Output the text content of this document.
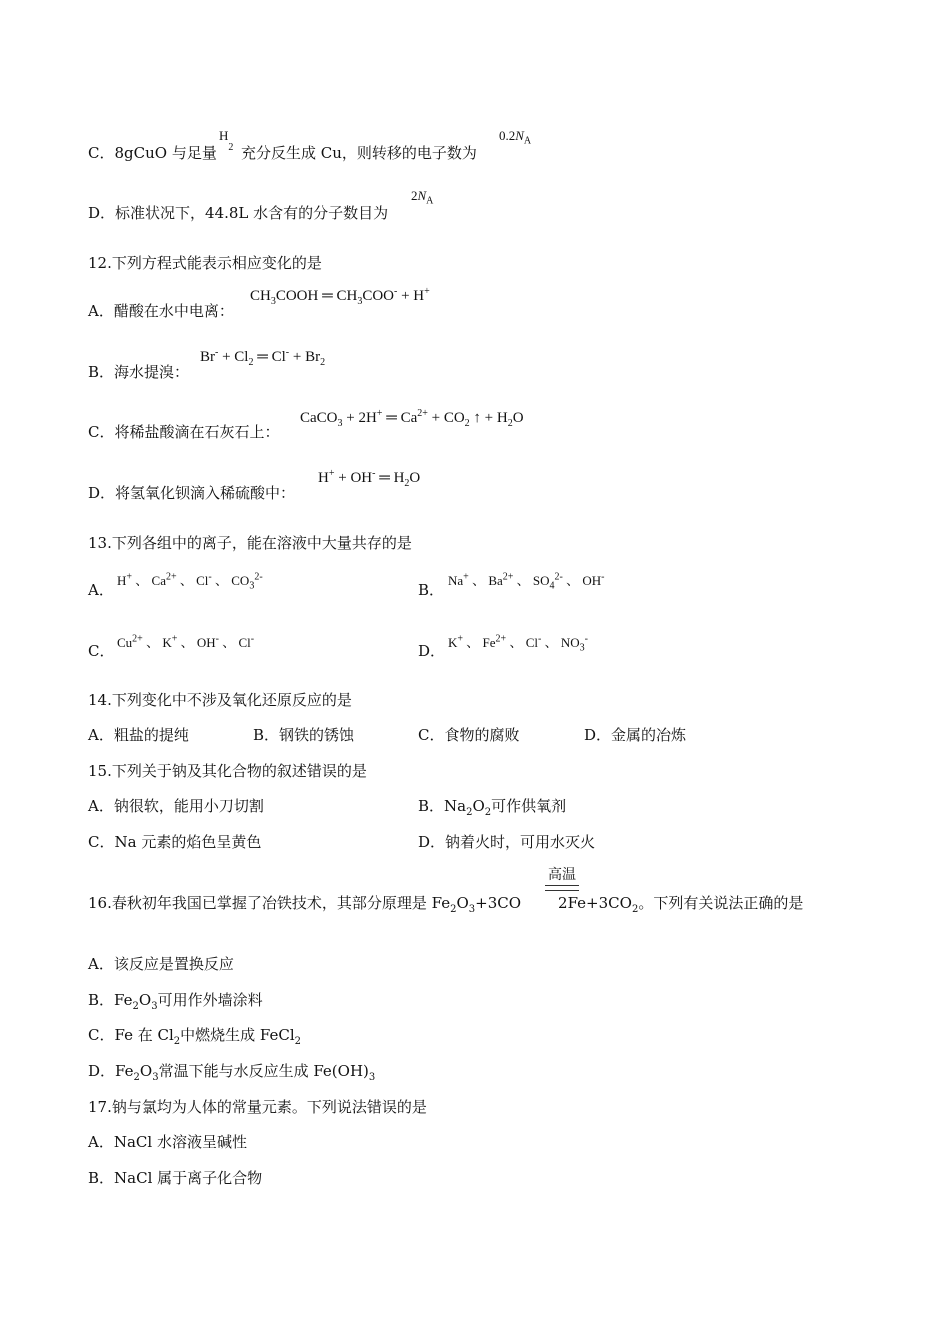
C．8gCuO 与足量
$H_2$ 充分反生成 Cu，则转移的电子数为
$0.2N_A$
D．标准状况下，44.8L 水含有的分子数目为
$2N_A$
12.下列方程式能表示相应变化的是
A．醋酸在水中电离：
$CH_3COOH$ ═ $CH_3COO^- + H^+$
B．海水提溴：
$Br^- + Cl_2$ ═ $Cl^- + Br_2$
C．将稀盐酸滴在石灰石上：
CaCO$_3$ + 2H+ ═ $Ca^{2+} + CO_2$ ↑ + $H_2O$
D．将氢氧化钡滴入稀硫酸中：
H+ + OH- ═ $H_2O$
13.下列各组中的离子，能在溶液中大量共存的是
A．
H+ 、 $Ca^{2+}$ 、 Cl- 、 $CO_3^{2-}$
B．
Na+ 、 $Ba^{2+}$ 、 $SO_4^{2-}$ 、 OH-
C． $Cu^{2+}$ 、 K+ 、 OH- 、 Cl-
D． K+ 、 $Fe^{2+}$ 、 Cl- 、 $NO_3^-$
14.下列变化中不涉及氧化还原反应的是
A．粗盐的提纯	B．钢铁的锈蚀	C．食物的腐败	D．金属的冶炼
15.下列关于钠及其化合物的叙述错误的是
A．钠很软，能用小刀切割	B．$Na_2O_2$可作供氧剂
C．Na 元素的焰色呈黄色	D．钠着火时，可用水灭火
高温
16.春秋初年我国已掌握了冶铁技术，其部分原理是 $Fe_2O_3+3CO$ $2Fe+3CO_2$。下列有关说法正确的是
A．该反应是置换反应
B．$Fe_2O_3$可用作外墙涂料
C．Fe 在 $Cl_2$中燃烧生成 FeCl$_2$
D．$Fe_2O_3$常温下能与水反应生成 $Fe(OH)_3$
17.钠与氯均为人体的常量元素。下列说法错误的是
A．NaCl 水溶液呈碱性
B．NaCl 属于离子化合物
